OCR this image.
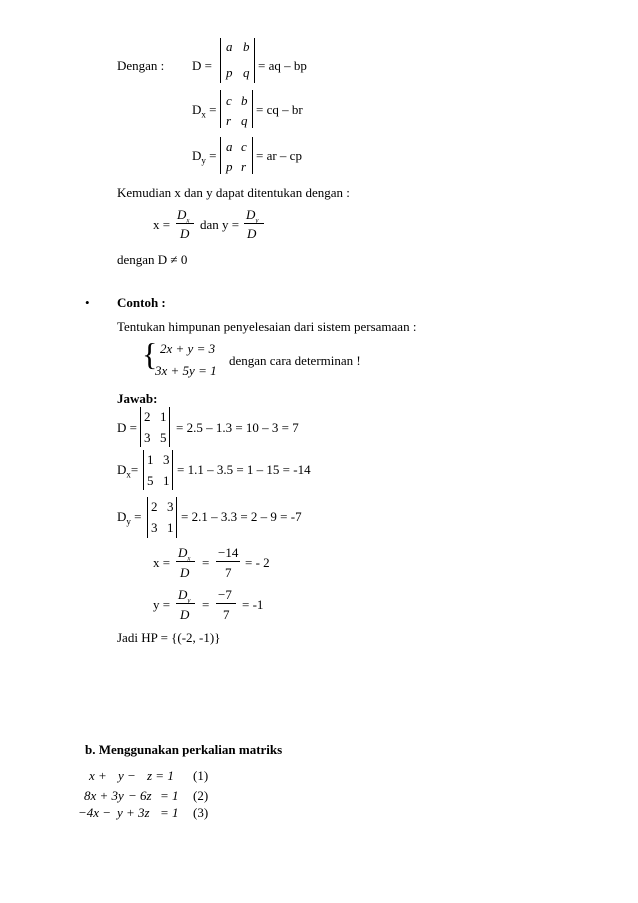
Dengan : D =
a b
p q = aq – bp
$D_x$ =
c b
r q
= cq – br
$D_y$ =
a c
p r
= ar – cp
Kemudian x dan y dapat ditentukan dengan :
x =
$D_x$
D
dan y =
$D_y$
D
dengan D ≠ 0
• Contoh :
Tentukan himpunan penyelesaian dari sistem persamaan :
{ 2x + y = 3
3x + 5y = 1
dengan cara determinan !
Jawab:
D =
2 1
3 5
= 2.5 – 1.3 = 10 – 3 = 7
$D_x=$
1 3
5 1
= 1.1 – 3.5 = 1 – 15 = -14
$D_y$ =
2 3
3 1
= 2.1 – 3.3 = 2 – 9 = -7
x =
$D_x$
D
=
−14
7
= - 2
y =
$D_y$
D
=
−7
7
= -1
Jadi HP = {(-2, -1)}
b. Menggunakan perkalian matriks
x + y − z = 1 (1)
8x + 3y − 6z = 1 (2)
−4x − y + 3z = 1 (3)
